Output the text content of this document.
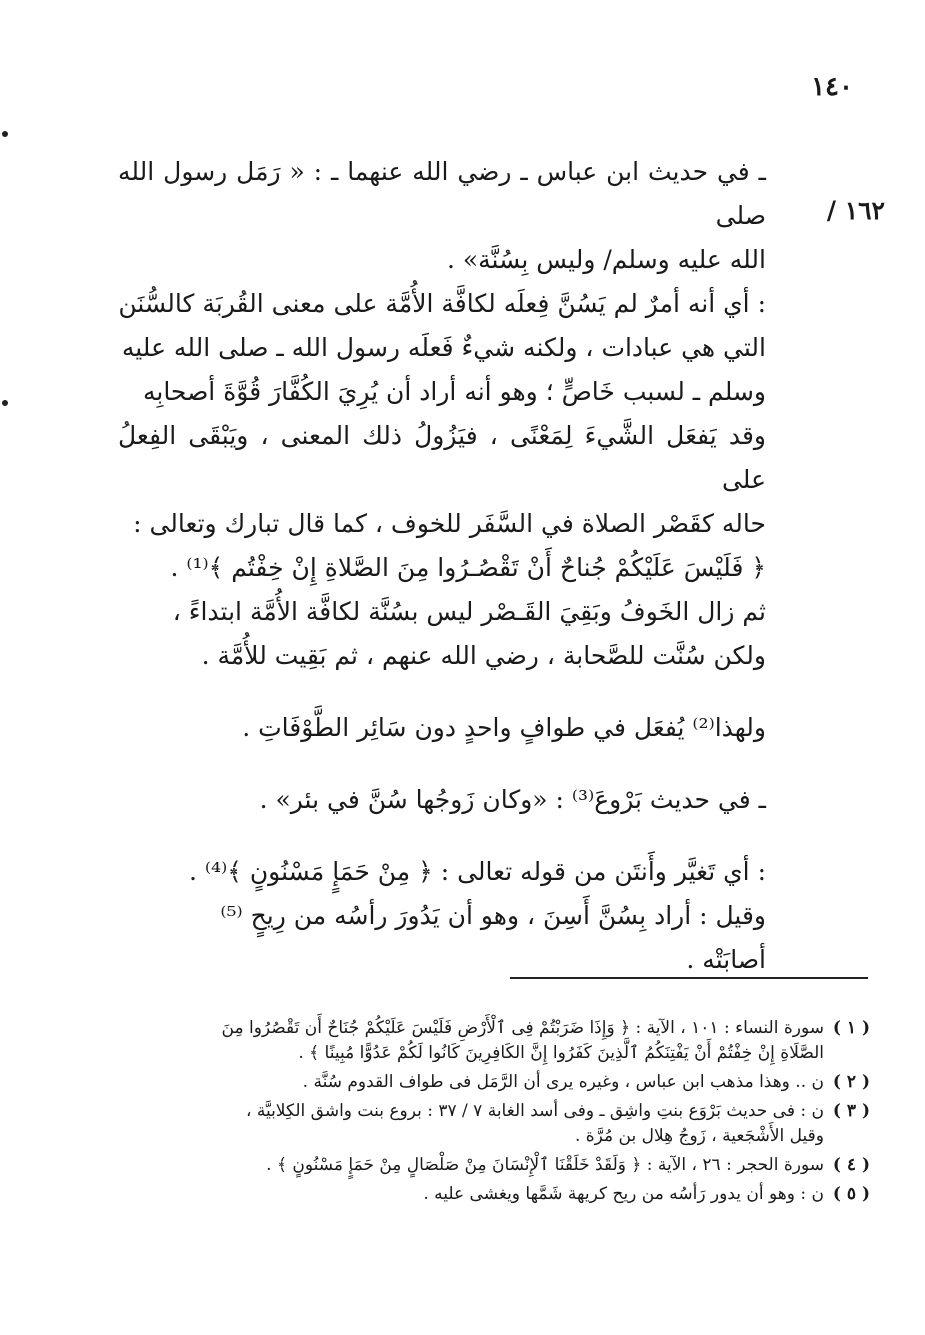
١٤٠
١٦٢ /

ـ في حديث ابن عباس ـ رضي الله عنهما ـ : « رَمَل رسول الله صلى
الله عليه وسلم/ وليس بِسُنَّة» .

: أي أنه أمرٌ لم يَسُنَّ فِعلَه لكافَّة الأُمَّة على معنى القُربَة كالسُّنَن
التي هي عبادات ، ولكنه شيءٌ فَعلَه رسول الله ـ صلى الله عليه
وسلم ـ لسبب خَاصٍّ ؛ وهو أنه أراد أن يُرِيَ الكُفَّارَ قُوَّةَ أصحابِه
وقد يَفعَل الشَّيءَ لِمَعْنًى ، فيَزُولُ ذلك المعنى ، ويَبْقَى الفِعلُ على
حاله كقَصْر الصلاة في السَّفَر للخوف ، كما قال تبارك وتعالى :
﴿ فَلَيْسَ عَلَيْكُمْ جُناحٌ أَنْ تَقْصُـرُوا مِنَ الصَّلاةِ إِنْ خِفْتُم ﴾⁽¹⁾ .
ثم زال الخَوفُ وبَقِيَ القَـصْر ليس بسُنَّة لكافَّة الأُمَّة ابتداءً ،
ولكن سُنَّت للصَّحابة ، رضي الله عنهم ، ثم بَقِيت للأُمَّة .

ولهذا⁽²⁾ يُفعَل في طوافٍ واحدٍ دون سَائِر الطَّوْفَاتِ .

ـ في حديث بَرْوعَ⁽³⁾ : «وكان زَوجُها سُنَّ في بئر» .

: أي تَغيَّر وأَنتَن من قوله تعالى : ﴿ مِنْ حَمَإٍ مَسْنُونٍ ﴾⁽⁴⁾ .
وقيل : أراد بِسُنَّ أَسِنَ ، وهو أن يَدُورَ رأسُه من رِيحٍ ⁽⁵⁾
أصابَتْه .

( ١ )
سورة النساء : ١٠١ ، الآية : ﴿ وَإِذَا ضَرَبْتُمْ فِى ٱلْأَرْضِ فَلَيْسَ عَلَيْكُمْ جُنَاحٌ أَن تَقْصُرُوا مِنَ
الصَّلَاةِ إِنْ خِفْتُمْ أَنْ يَفْتِنَكُمُ ٱلَّذِينَ كَفَرُوا إِنَّ الكَافِرِينَ كَانُوا لَكُمْ عَدُوًّا مُبِينًا ﴾ .
( ٢ )
ن .. وهذا مذهب ابن عباس ، وغيره يرى أن الرَّمَل فى طواف القدوم سُنَّة .
( ٣ )
ن : فى حديث بَرْوَع بنتِ واشِق ـ وفى أسد الغابة ٧ / ٣٧ : بروع بنت واشق الكِلابيَّة ،
وقيل الأَشْجَعية ، زَوجُ هِلال بن مُرَّة .
( ٤ )
سورة الحجر : ٢٦ ، الآية : ﴿ وَلَقَدْ خَلَقْنَا ٱلْإِنْسَانَ مِنْ صَلْصَالٍ مِنْ حَمَإٍ مَسْنُونٍ ﴾ .
( ٥ )
ن : وهو أن يدور رَأسُه من ريح كريهة شَمَّها ويغشى عليه .
